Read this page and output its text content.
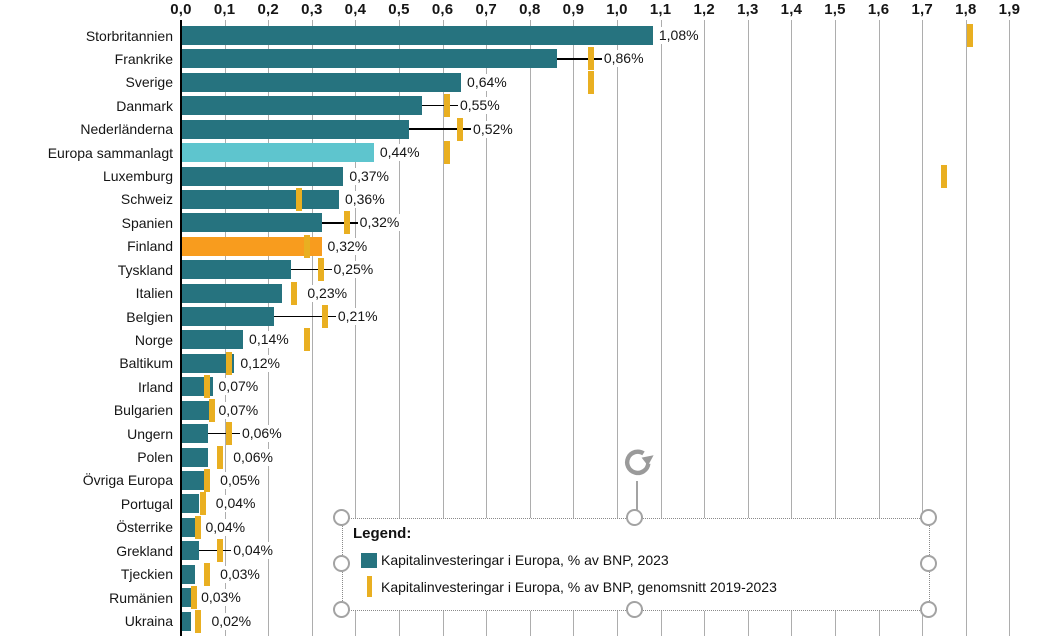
0,0	0,1	0,2	0,3	0,4	0,5	0,6	0,7	0,8	0,9	1,0	1,1	1,2	1,3	1,4	1,5	1,6	1,7	1,8	1,9
Storbritannien	1,08%
Frankrike	0,86%
Sverige	0,64%
Danmark	0,55%
Nederländerna	0,52%
Europa sammanlagt	0,44%
Luxemburg	0,37%
Schweiz	0,36%
Spanien	0,32%
Finland	0,32%
Tyskland	0,25%
Italien	0,23%
Belgien	0,21%
Norge	0,14%
Baltikum	0,12%
Irland	0,07%
Bulgarien	0,07%
Ungern	0,06%
Polen	0,06%
Övriga Europa	0,05%
Portugal	0,04%
Österrike 0,04%
Grekland	0,04%
Tjeckien	0,03%
Rumänien 0,03%
Ukraina	0,02%
Legend:
Kapitalinvesteringar i Europa, % av BNP, 2023
Kapitalinvesteringar i Europa, % av BNP, genomsnitt 2019-2023
